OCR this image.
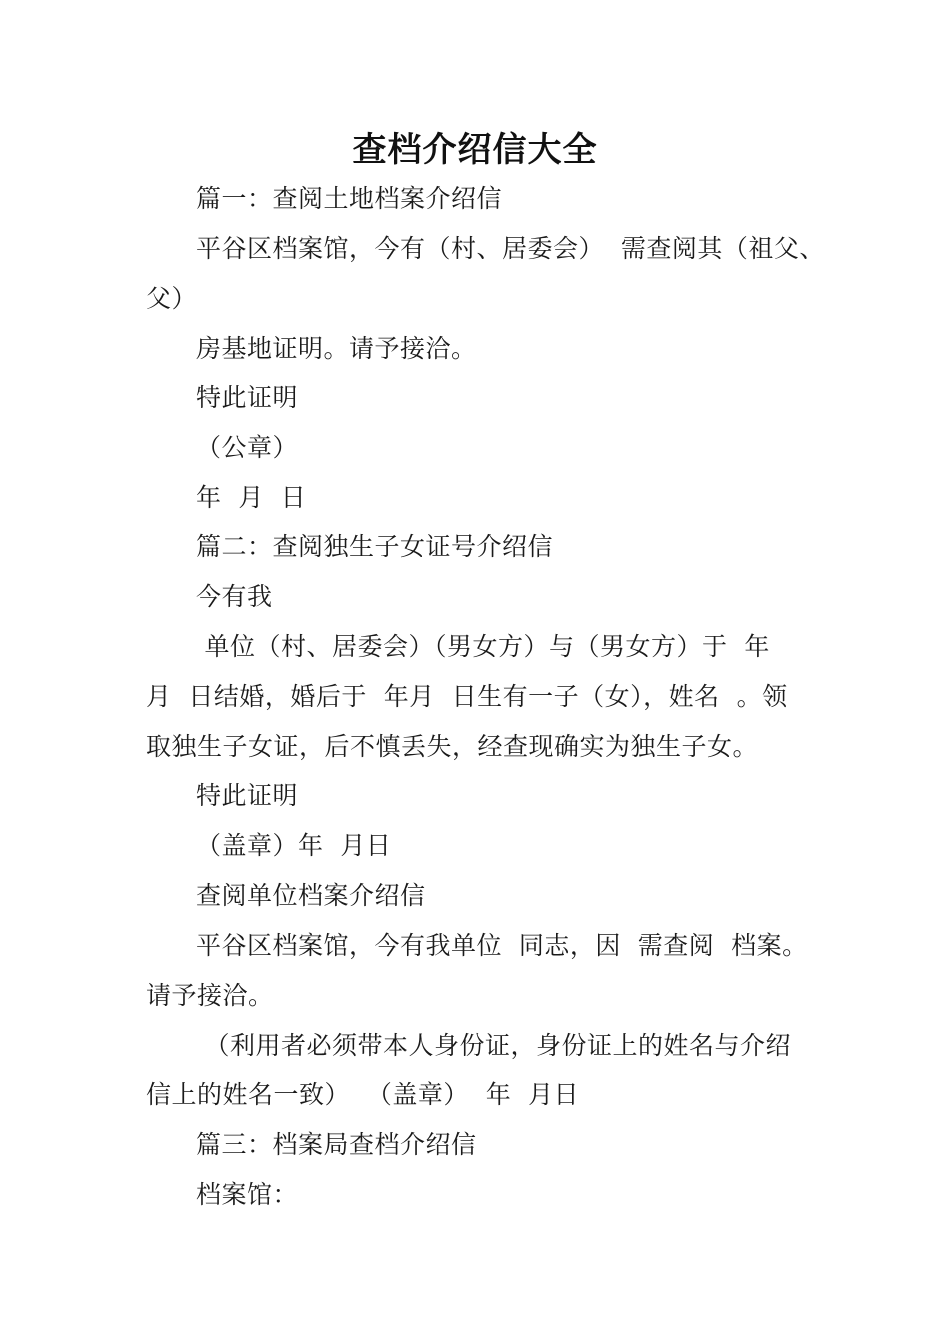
查档介绍信大全
篇一：查阅土地档案介绍信
平谷区档案馆，今有（村、居委会）  需查阅其（祖父、
父）
房基地证明。请予接洽。
特此证明
（公章）
年  月  日
篇二：查阅独生子女证号介绍信
今有我
单位（村、居委会）（男女方）与（男女方）于  年
月  日结婚，婚后于  年月  日生有一子（女），姓名  。领
取独生子女证，后不慎丢失，经查现确实为独生子女。
特此证明
（盖章）年  月日
查阅单位档案介绍信
平谷区档案馆，今有我单位  同志，因  需查阅  档案。
请予接洽。
（利用者必须带本人身份证，身份证上的姓名与介绍
信上的姓名一致）  （盖章）  年  月日
篇三：档案局查档介绍信
档案馆：
